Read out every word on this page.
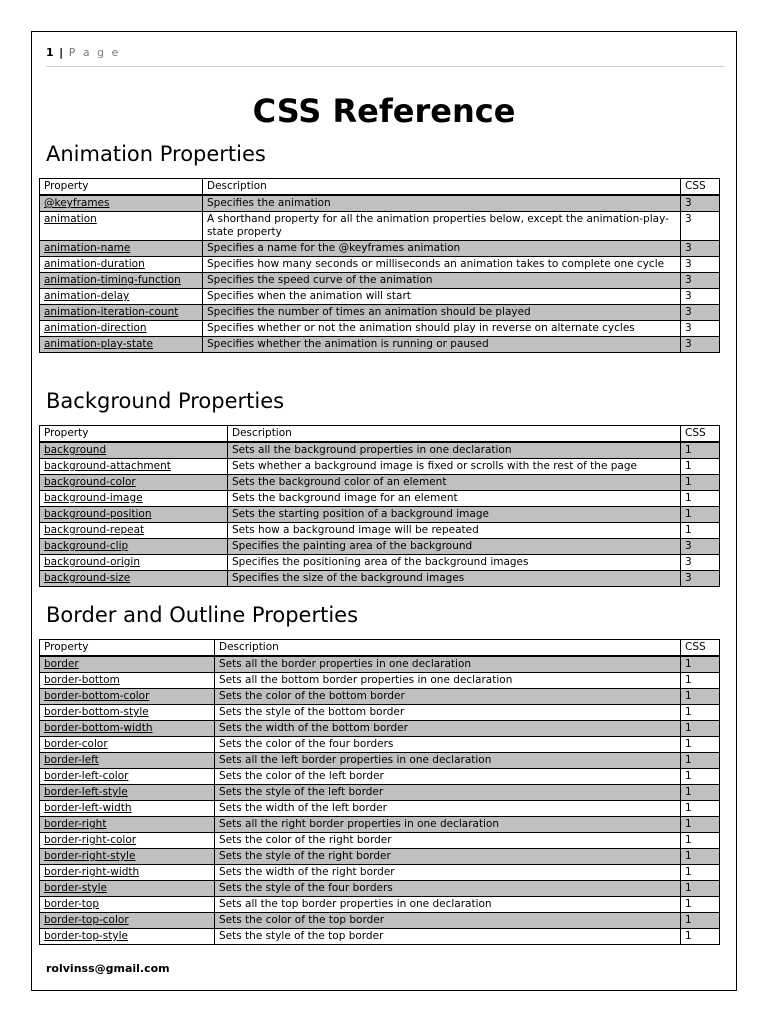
1 | P a g e
CSS Reference
Animation Properties
Property	Description	CSS
@keyframes	Specifies the animation	3
animation	A shorthand property for all the animation properties below, except the animation-play-state property	3
animation-name	Specifies a name for the @keyframes animation	3
animation-duration	Specifies how many seconds or milliseconds an animation takes to complete one cycle	3
animation-timing-function	Specifies the speed curve of the animation	3
animation-delay	Specifies when the animation will start	3
animation-iteration-count	Specifies the number of times an animation should be played	3
animation-direction	Specifies whether or not the animation should play in reverse on alternate cycles	3
animation-play-state	Specifies whether the animation is running or paused	3
Background Properties
Property	Description	CSS
background	Sets all the background properties in one declaration	1
background-attachment	Sets whether a background image is fixed or scrolls with the rest of the page	1
background-color	Sets the background color of an element	1
background-image	Sets the background image for an element	1
background-position	Sets the starting position of a background image	1
background-repeat	Sets how a background image will be repeated	1
background-clip	Specifies the painting area of the background	3
background-origin	Specifies the positioning area of the background images	3
background-size	Specifies the size of the background images	3
Border and Outline Properties
Property	Description	CSS
border	Sets all the border properties in one declaration	1
border-bottom	Sets all the bottom border properties in one declaration	1
border-bottom-color	Sets the color of the bottom border	1
border-bottom-style	Sets the style of the bottom border	1
border-bottom-width	Sets the width of the bottom border	1
border-color	Sets the color of the four borders	1
border-left	Sets all the left border properties in one declaration	1
border-left-color	Sets the color of the left border	1
border-left-style	Sets the style of the left border	1
border-left-width	Sets the width of the left border	1
border-right	Sets all the right border properties in one declaration	1
border-right-color	Sets the color of the right border	1
border-right-style	Sets the style of the right border	1
border-right-width	Sets the width of the right border	1
border-style	Sets the style of the four borders	1
border-top	Sets all the top border properties in one declaration	1
border-top-color	Sets the color of the top border	1
border-top-style	Sets the style of the top border	1
rolvinss@gmail.com
